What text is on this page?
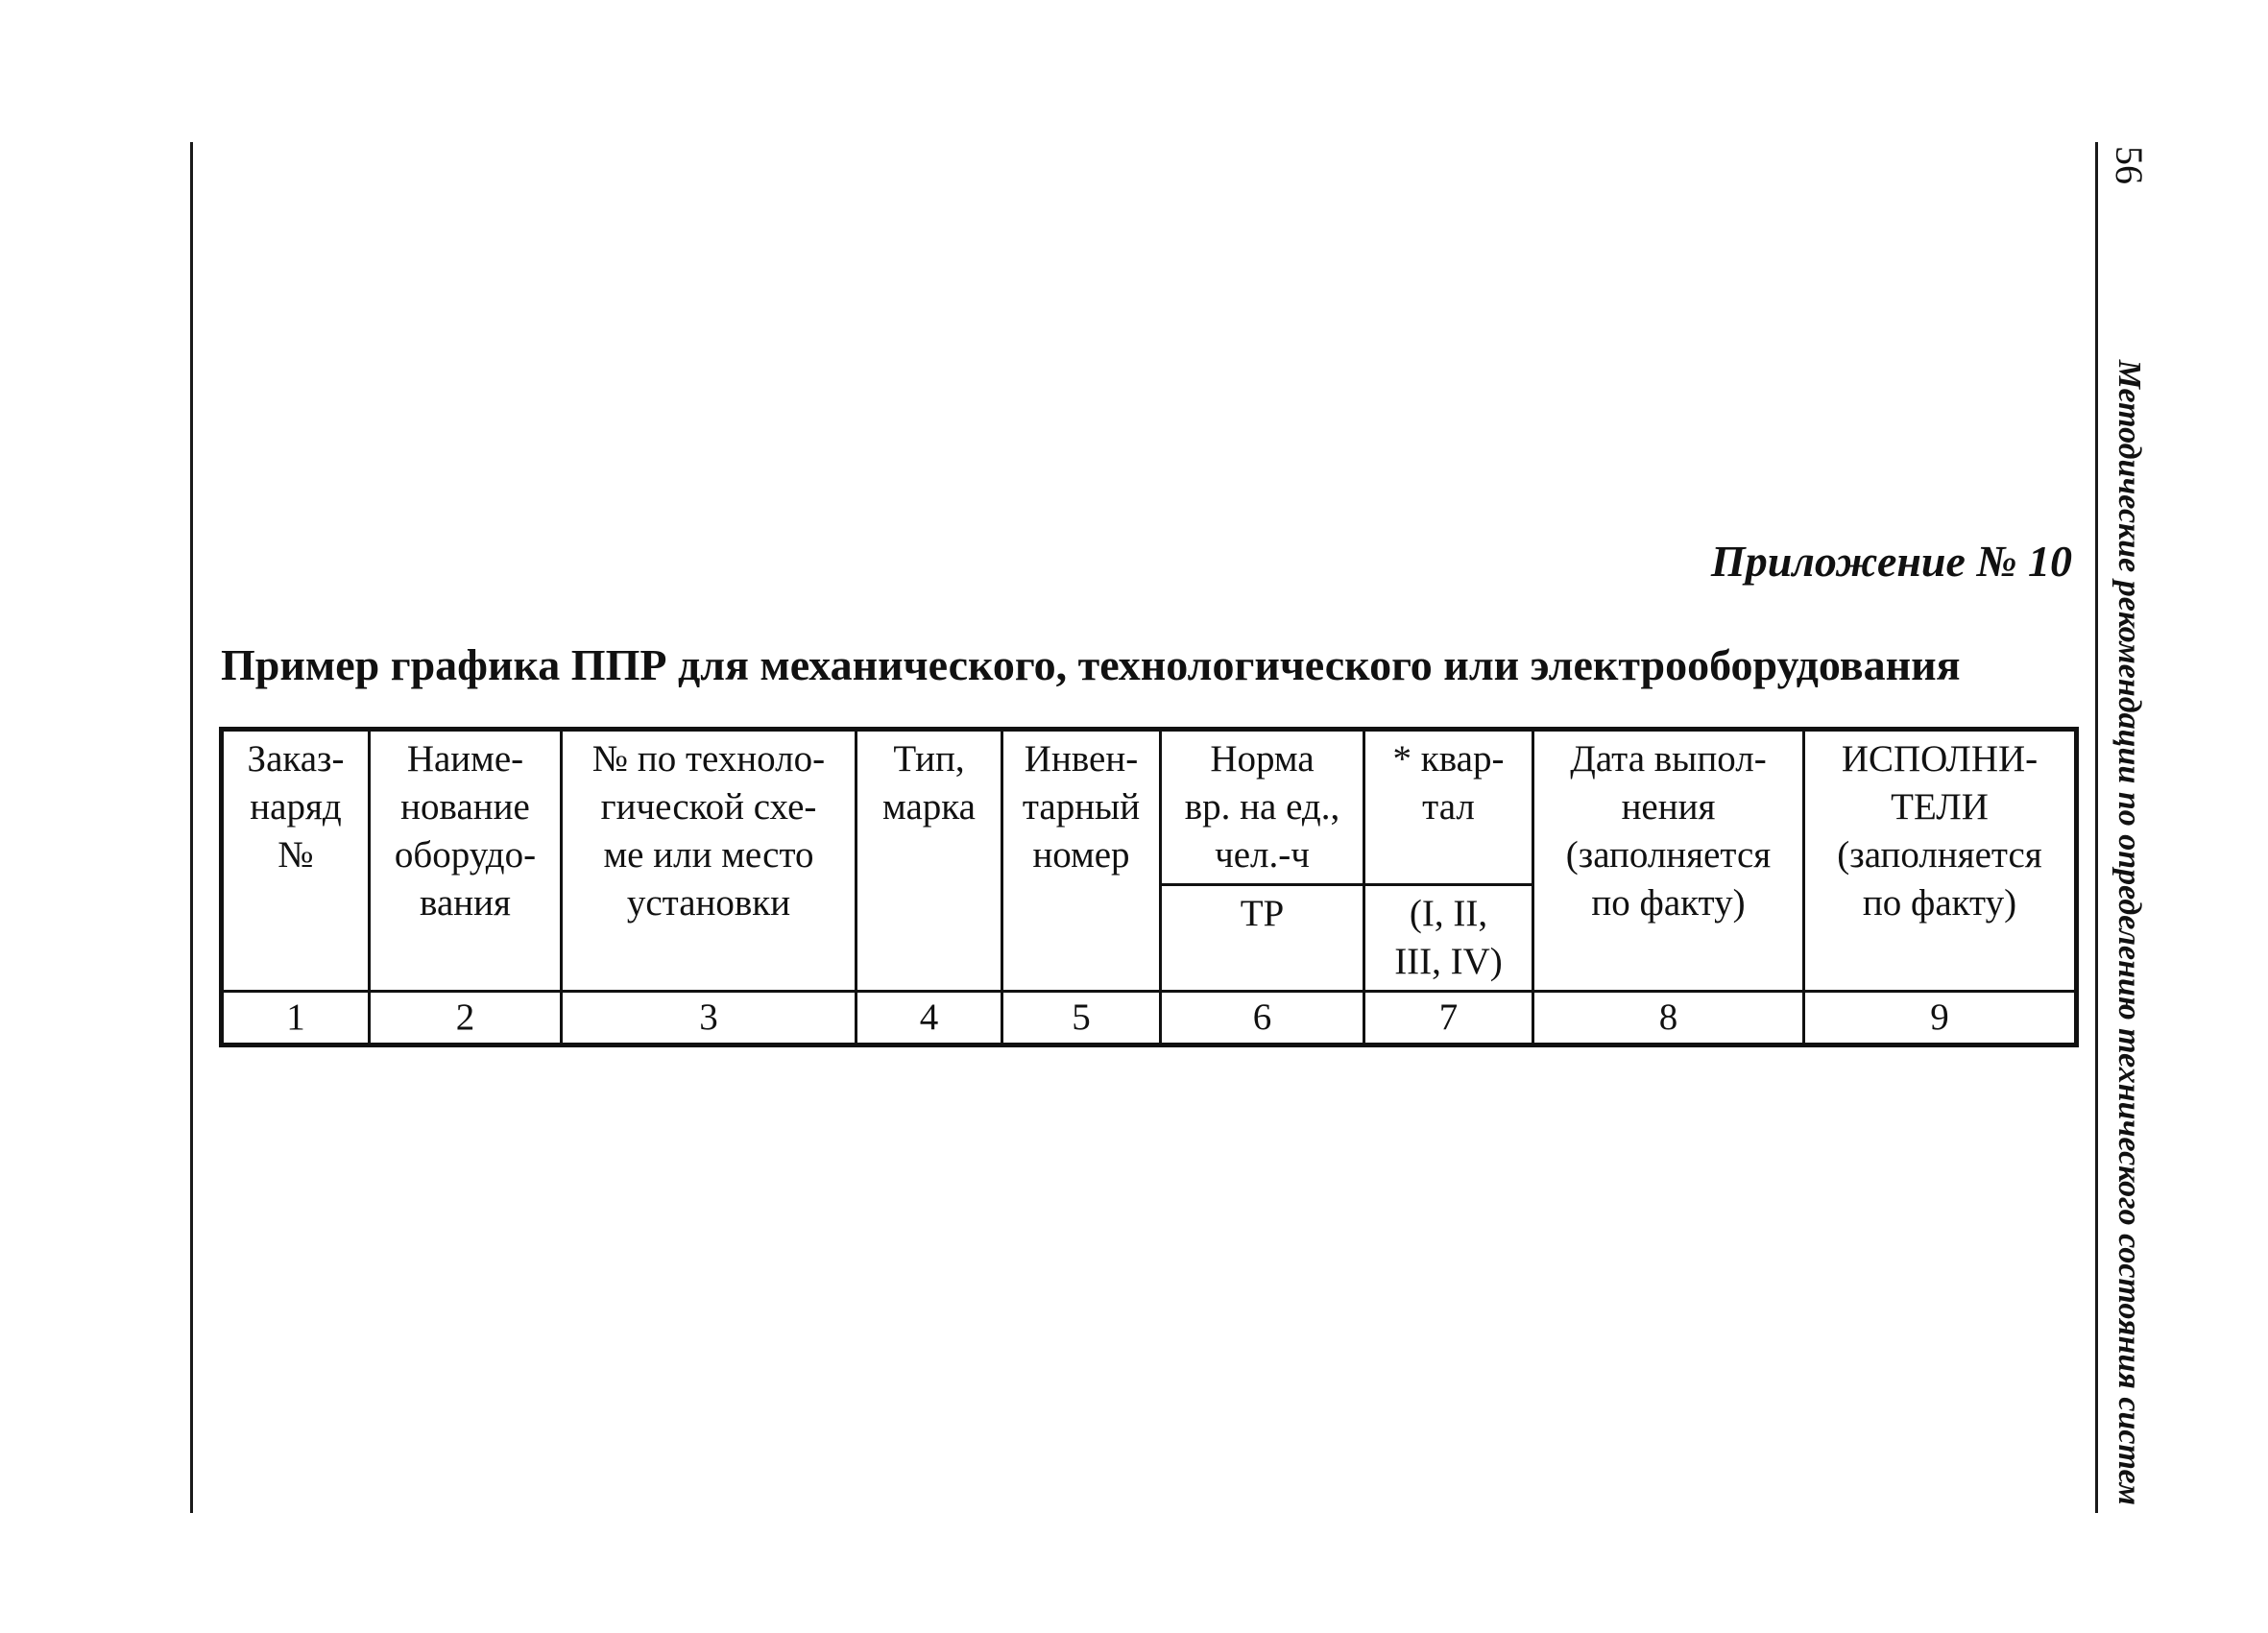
56
Методические рекомендации по определению технического состояния систем
Приложение № 10
Пример графика ППР для механического, технологического или электрооборудования
Заказ-
наряд
№	Наиме-
нование
оборудо-
вания	№ по техноло-
гической схе-
ме или место
установки	Тип,
марка	Инвен-
тарный
номер	Норма
вр. на ед.,
чел.-ч	* квар-
тал	Дата выпол-
нения
(заполняется
по факту)	ИСПОЛНИ-
ТЕЛИ
(заполняется
по факту)
					ТР	(I, II,
III, IV)		
1	2	3	4	5	6	7	8	9
